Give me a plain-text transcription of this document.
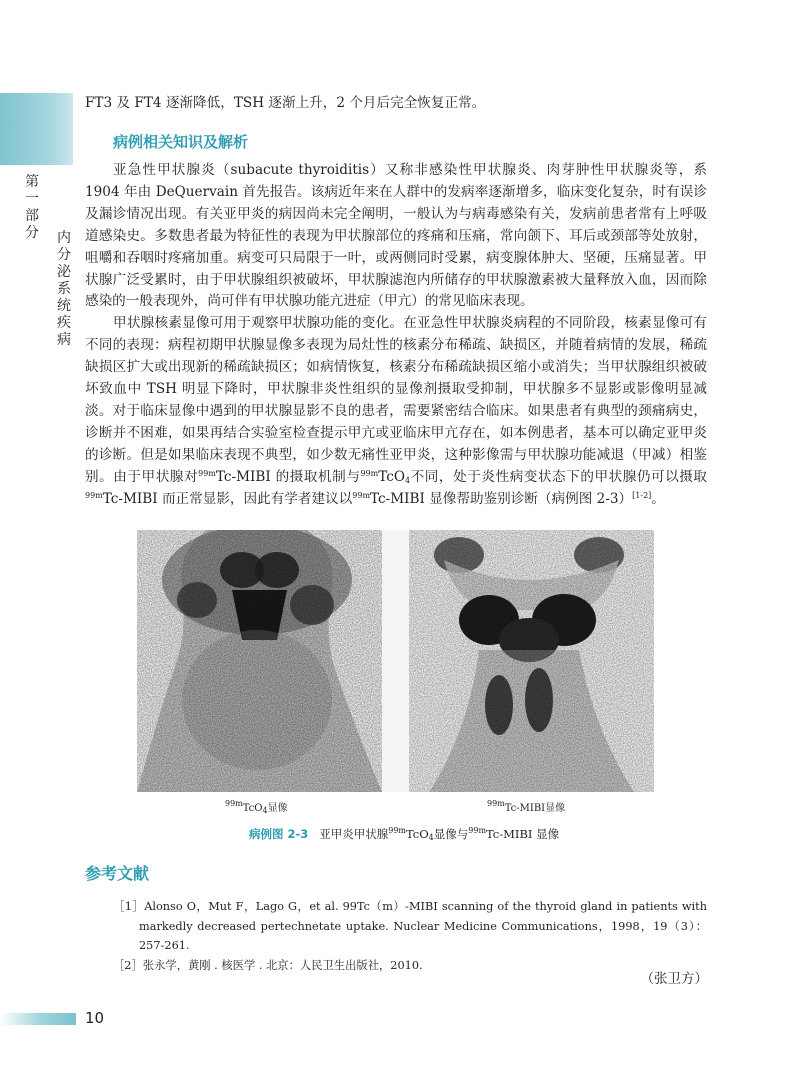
第一部分 内分泌系统疾病
FT3 及 FT4 逐渐降低，TSH 逐渐上升，2 个月后完全恢复正常。
病例相关知识及解析

亚急性甲状腺炎（subacute thyroiditis）又称非感染性甲状腺炎、肉芽肿性甲状腺炎等，系 1904 年由 DeQuervain 首先报告。该病近年来在人群中的发病率逐渐增多，临床变化复杂，时有误诊及漏诊情况出现。有关亚甲炎的病因尚未完全阐明，一般认为与病毒感染有关，发病前患者常有上呼吸道感染史。多数患者最为特征性的表现为甲状腺部位的疼痛和压痛，常向颌下、耳后或颈部等处放射，咀嚼和吞咽时疼痛加重。病变可只局限于一叶，或两侧同时受累，病变腺体肿大、坚硬，压痛显著。甲状腺广泛受累时，由于甲状腺组织被破坏，甲状腺滤泡内所储存的甲状腺激素被大量释放入血，因而除感染的一般表现外，尚可伴有甲状腺功能亢进症（甲亢）的常见临床表现。

甲状腺核素显像可用于观察甲状腺功能的变化。在亚急性甲状腺炎病程的不同阶段，核素显像可有不同的表现：病程初期甲状腺显像多表现为局灶性的核素分布稀疏、缺损区，并随着病情的发展，稀疏缺损区扩大或出现新的稀疏缺损区；如病情恢复，核素分布稀疏缺损区缩小或消失；当甲状腺组织被破坏致血中 TSH 明显下降时，甲状腺非炎性组织的显像剂摄取受抑制，甲状腺多不显影或影像明显减淡。对于临床显像中遇到的甲状腺显影不良的患者，需要紧密结合临床。如果患者有典型的颈痛病史，诊断并不困难，如果再结合实验室检查提示甲亢或亚临床甲亢存在，如本例患者，基本可以确定亚甲炎的诊断。但是如果临床表现不典型，如少数无痛性亚甲炎，这种影像需与甲状腺功能减退（甲减）相鉴别。由于甲状腺对$^{99m}$Tc-MIBI 的摄取机制与$^{99m}$TcO$_4$不同，处于炎性病变状态下的甲状腺仍可以摄取$^{99m}$Tc-MIBI 而正常显影，因此有学者建议以$^{99m}$Tc-MIBI 显像帮助鉴别诊断（病例图 2-3）[1-2]。

$^{99m}$TcO$_4$显像	$^{99m}$Tc-MIBI显像
病例图 2-3 亚甲炎甲状腺$^{99m}$TcO$_4$显像与$^{99m}$Tc-MIBI 显像
参考文献

［1］Alonso O，Mut F，Lago G，et al. 99Tc（m）-MIBI scanning of the thyroid gland in patients with markedly decreased pertechnetate uptake. Nuclear Medicine Communications，1998，19（3）：257-261.

［2］张永学，黄刚 . 核医学 . 北京：人民卫生出版社，2010.

（张卫方）
10
